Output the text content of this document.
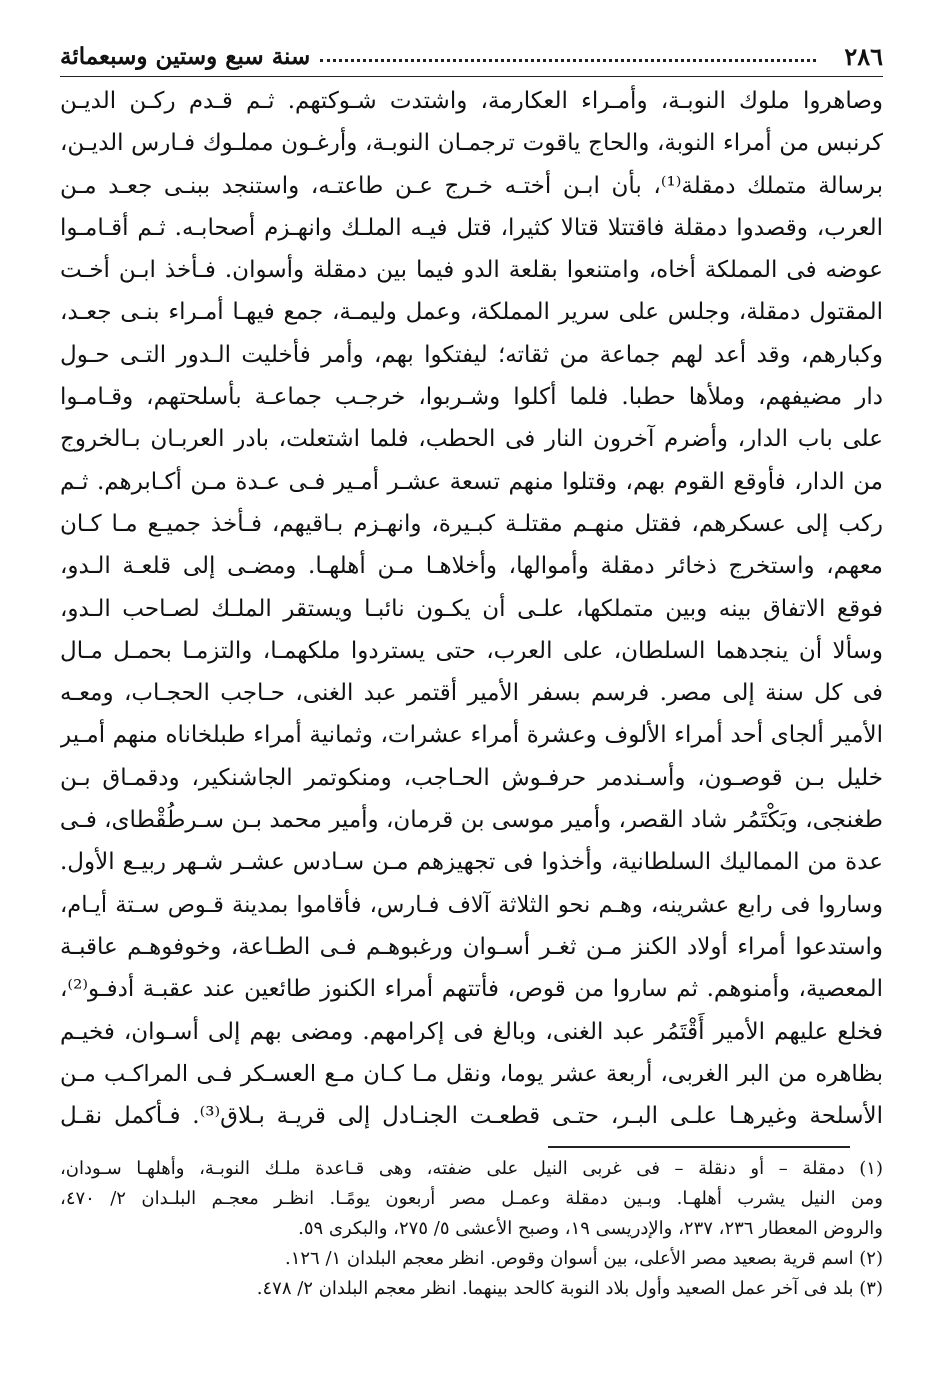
٢٨٦
سنة سبع وستين وسبعمائة
وصاهروا ملوك النوبـة، وأمـراء العكارمة، واشتدت شـوكتهم. ثـم قـدم ركـن الديـن
كرنبس من أمراء النوبة، والحاج ياقوت ترجمـان النوبـة، وأرغـون مملـوك فـارس الديـن،
برسالة متملك دمقلة⁽¹⁾، بأن ابـن أختـه خـرج عـن طاعتـه، واستنجد ببنـى جعـد مـن
العرب، وقصدوا دمقلة فاقتتلا قتالا كثيرا، قتل فيـه الملـك وانهـزم أصحابـه. ثـم أقـامـوا
عوضه فى المملكة أخاه، وامتنعوا بقلعة الدو فيما بين دمقلة وأسوان. فـأخذ ابـن أخـت
المقتول دمقلة، وجلس على سرير المملكة، وعمل وليمـة، جمع فيهـا أمـراء بنـى جعـد،
وكبارهم، وقد أعد لهم جماعة من ثقاته؛ ليفتكوا بهم، وأمر فأخليت الـدور التـى حـول
دار مضيفهم، وملأها حطبا. فلما أكلوا وشـربوا، خرجـب جماعـة بأسلحتهم، وقـامـوا
على باب الدار، وأضرم آخرون النار فى الحطب، فلما اشتعلت، بادر العربـان بـالخروج
من الدار، فأوقع القوم بهم، وقتلوا منهم تسعة عشـر أمـير فـى عـدة مـن أكـابرهم. ثـم
ركب إلى عسكرهم، فقتل منهـم مقتلـة كبـيرة، وانهـزم بـاقيهم، فـأخذ جميـع مـا كـان
معهم، واستخرج ذخائر دمقلة وأموالها، وأخلاهـا مـن أهلهـا. ومضـى إلى قلعـة الـدو،
فوقع الاتفاق بينه وبين متملكها، علـى أن يكـون نائبـا ويستقر الملـك لصـاحب الـدو،
وسألا أن ينجدهما السلطان، على العرب، حتى يستردوا ملكهمـا، والتزمـا بحمـل مـال
فى كل سنة إلى مصر. فرسم بسفر الأمير أقتمر عبد الغنى، حـاجب الحجـاب، ومعـه
الأمير ألجاى أحد أمراء الألوف وعشرة أمراء عشرات، وثمانية أمراء طبلخاناه منهم أمـير
خليل بـن قوصـون، وأسـندمر حرفـوش الحـاجب، ومنكوتمر الجاشنكير، ودقمـاق بـن
طغنجى، وبَكْتَمُر شاد القصر، وأمير موسى بن قرمان، وأمير محمد بـن سـرطُقْطاى، فـى
عدة من المماليك السلطانية، وأخذوا فى تجهيزهم مـن سـادس عشـر شـهر ربيـع الأول.
وساروا فى رابع عشرينه، وهـم نحو الثلاثة آلاف فـارس، فأقاموا بمدينة قـوص سـتة أيـام،
واستدعوا أمراء أولاد الكنز مـن ثغـر أسـوان ورغبوهـم فـى الطـاعة، وخوفوهـم عاقبـة
المعصية، وأمنوهم. ثم ساروا من قوص، فأتتهم أمراء الكنوز طائعين عند عقبـة أدفـو⁽²⁾،
فخلع عليهم الأمير أَقْتَمُر عبد الغنى، وبالغ فى إكرامهم. ومضى بهم إلى أسـوان، فخيـم
بظاهره من البر الغربى، أربعة عشر يوما، ونقل مـا كـان مـع العسـكر فـى المراكـب مـن
الأسلحة وغيرهـا علـى البـر، حتـى قطعـت الجنـادل إلى قريـة بـلاق⁽³⁾. فـأكمل نقـل
(١) دمقلة – أو دنقلة – فى غربى النيل على ضفته، وهى قـاعدة ملـك النوبـة، وأهلهـا سـودان،
ومن النيل يشرب أهلهـا. وبـين دمقلة وعمـل مصر أربعون يومًـا. انظـر معجـم البلـدان ٢/ ٤٧٠،
والروض المعطار ٢٣٦، ٢٣٧، والإدريسى ١٩، وصبح الأعشى ٥/ ٢٧٥، والبكرى ٥٩.
(٢) اسم قرية بصعيد مصر الأعلى، بين أسوان وقوص. انظر معجم البلدان ١/ ١٢٦.
(٣) بلد فى آخر عمل الصعيد وأول بلاد النوبة كالحد بينهما. انظر معجم البلدان ٢/ ٤٧٨.
